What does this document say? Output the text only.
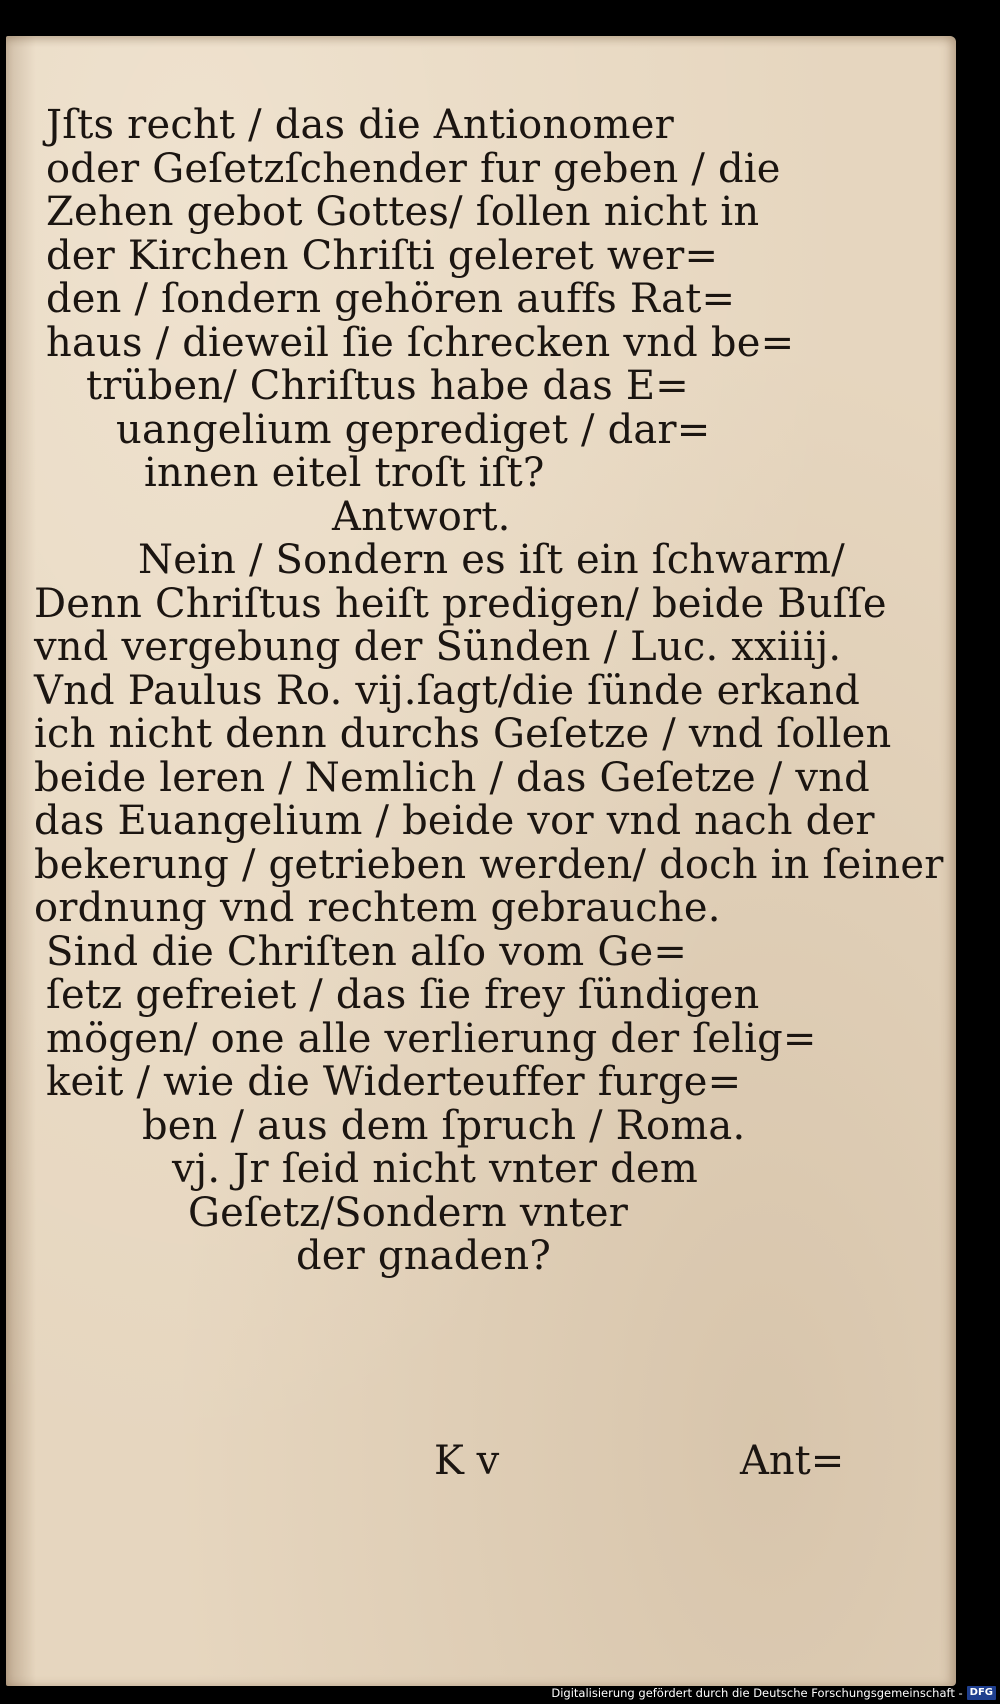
Jſts recht / das die Antionomer
oder Geſetzſchender fur geben / die
Zehen gebot Gottes/ ſollen nicht in
der Kirchen Chriſti geleret wer=
den / ſondern gehören auffs Rat=
haus / dieweil ſie ſchrecken vnd be=
trüben/ Chriſtus habe das E=
uangelium geprediget / dar=
innen eitel troſt iſt?
Antwort.
Nein / Sondern es iſt ein ſchwarm/
Denn Chriſtus heiſt predigen/ beide Buſſe
vnd vergebung der Sünden / Luc. xxiiij.
Vnd Paulus Ro. vij.ſagt/die ſünde erkand
ich nicht denn durchs Geſetze / vnd ſollen
beide leren / Nemlich / das Geſetze / vnd
das Euangelium / beide vor vnd nach der
bekerung / getrieben werden/ doch in ſeiner
ordnung vnd rechtem gebrauche.
Sind die Chriſten alſo vom Ge=
ſetz gefreiet / das ſie frey ſündigen
mögen/ one alle verlierung der ſelig=
keit / wie die Widerteuffer furge=
ben / aus dem ſpruch / Roma.
vj. Jr ſeid nicht vnter dem
Geſetz/Sondern vnter
der gnaden?
K v	Ant=
Digitalisierung gefördert durch die Deutsche Forschungsgemeinschaft - DFG
